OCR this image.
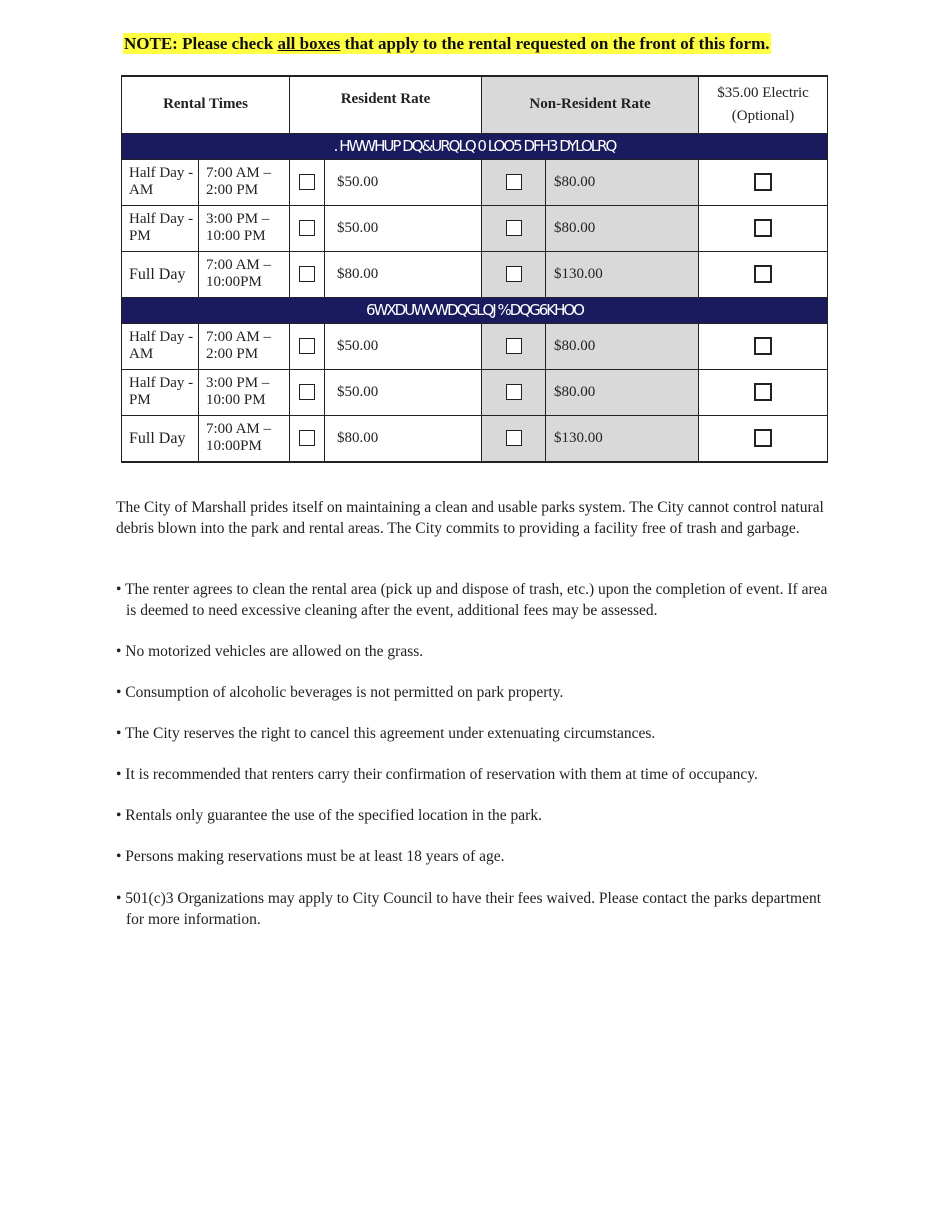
NOTE: Please check all boxes that apply to the rental requested on the front of this form.
Rental Times		Resident Rate		Non-Resident Rate		$35.00 Electric
(Optional)

. HWWHUP DQ&URQLQ 0 LOO5 DFH3 DYLOLRQ						
Half Day - AM	7:00 AM – 2:00 PM		$50.00		$80.00	
Half Day - PM	3:00 PM – 10:00 PM		$50.00		$80.00	
Full Day	7:00 AM – 10:00PM		$80.00		$130.00	
6WXDUWVWDQGLQJ %DQG6KHOO						
Half Day - AM	7:00 AM – 2:00 PM		$50.00		$80.00	
Half Day - PM	3:00 PM – 10:00 PM		$50.00		$80.00	
Full Day	7:00 AM – 10:00PM		$80.00		$130.00	
The City of Marshall prides itself on maintaining a clean and usable parks system. The City cannot control natural debris blown into the park and rental areas. The City commits to providing a facility free of trash and garbage.
• The renter agrees to clean the rental area (pick up and dispose of trash, etc.) upon the completion of event. If area is deemed to need excessive cleaning after the event, additional fees may be assessed.
• No motorized vehicles are allowed on the grass.
• Consumption of alcoholic beverages is not permitted on park property.
• The City reserves the right to cancel this agreement under extenuating circumstances.
• It is recommended that renters carry their confirmation of reservation with them at time of occupancy.
• Rentals only guarantee the use of the specified location in the park.
• Persons making reservations must be at least 18 years of age.
• 501(c)3 Organizations may apply to City Council to have their fees waived. Please contact the parks department for more information.
